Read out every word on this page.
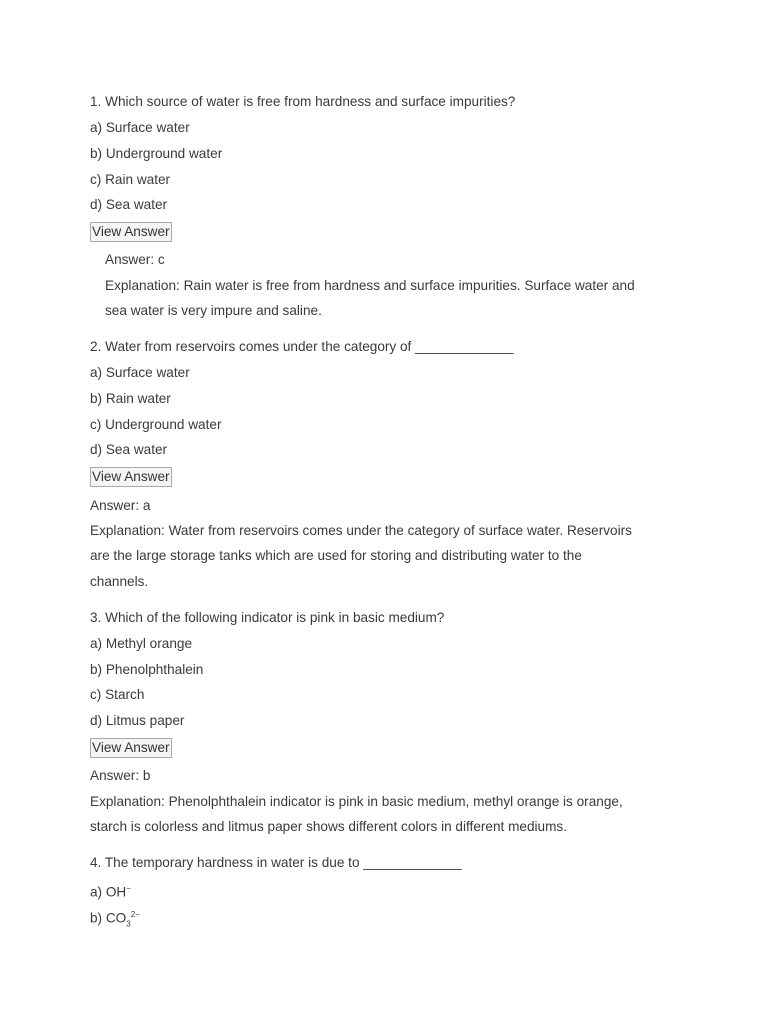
1. Which source of water is free from hardness and surface impurities?
a) Surface water
b) Underground water
c) Rain water
d) Sea water
View Answer
Answer: c
Explanation: Rain water is free from hardness and surface impurities. Surface water and
sea water is very impure and saline.
2. Water from reservoirs comes under the category of _____________
a) Surface water
b) Rain water
c) Underground water
d) Sea water
View Answer
Answer: a
Explanation: Water from reservoirs comes under the category of surface water. Reservoirs
are the large storage tanks which are used for storing and distributing water to the
channels.
3. Which of the following indicator is pink in basic medium?
a) Methyl orange
b) Phenolphthalein
c) Starch
d) Litmus paper
View Answer
Answer: b
Explanation: Phenolphthalein indicator is pink in basic medium, methyl orange is orange,
starch is colorless and litmus paper shows different colors in different mediums.
4. The temporary hardness in water is due to _____________
a) OH−
b) $CO_3^{2-}$
